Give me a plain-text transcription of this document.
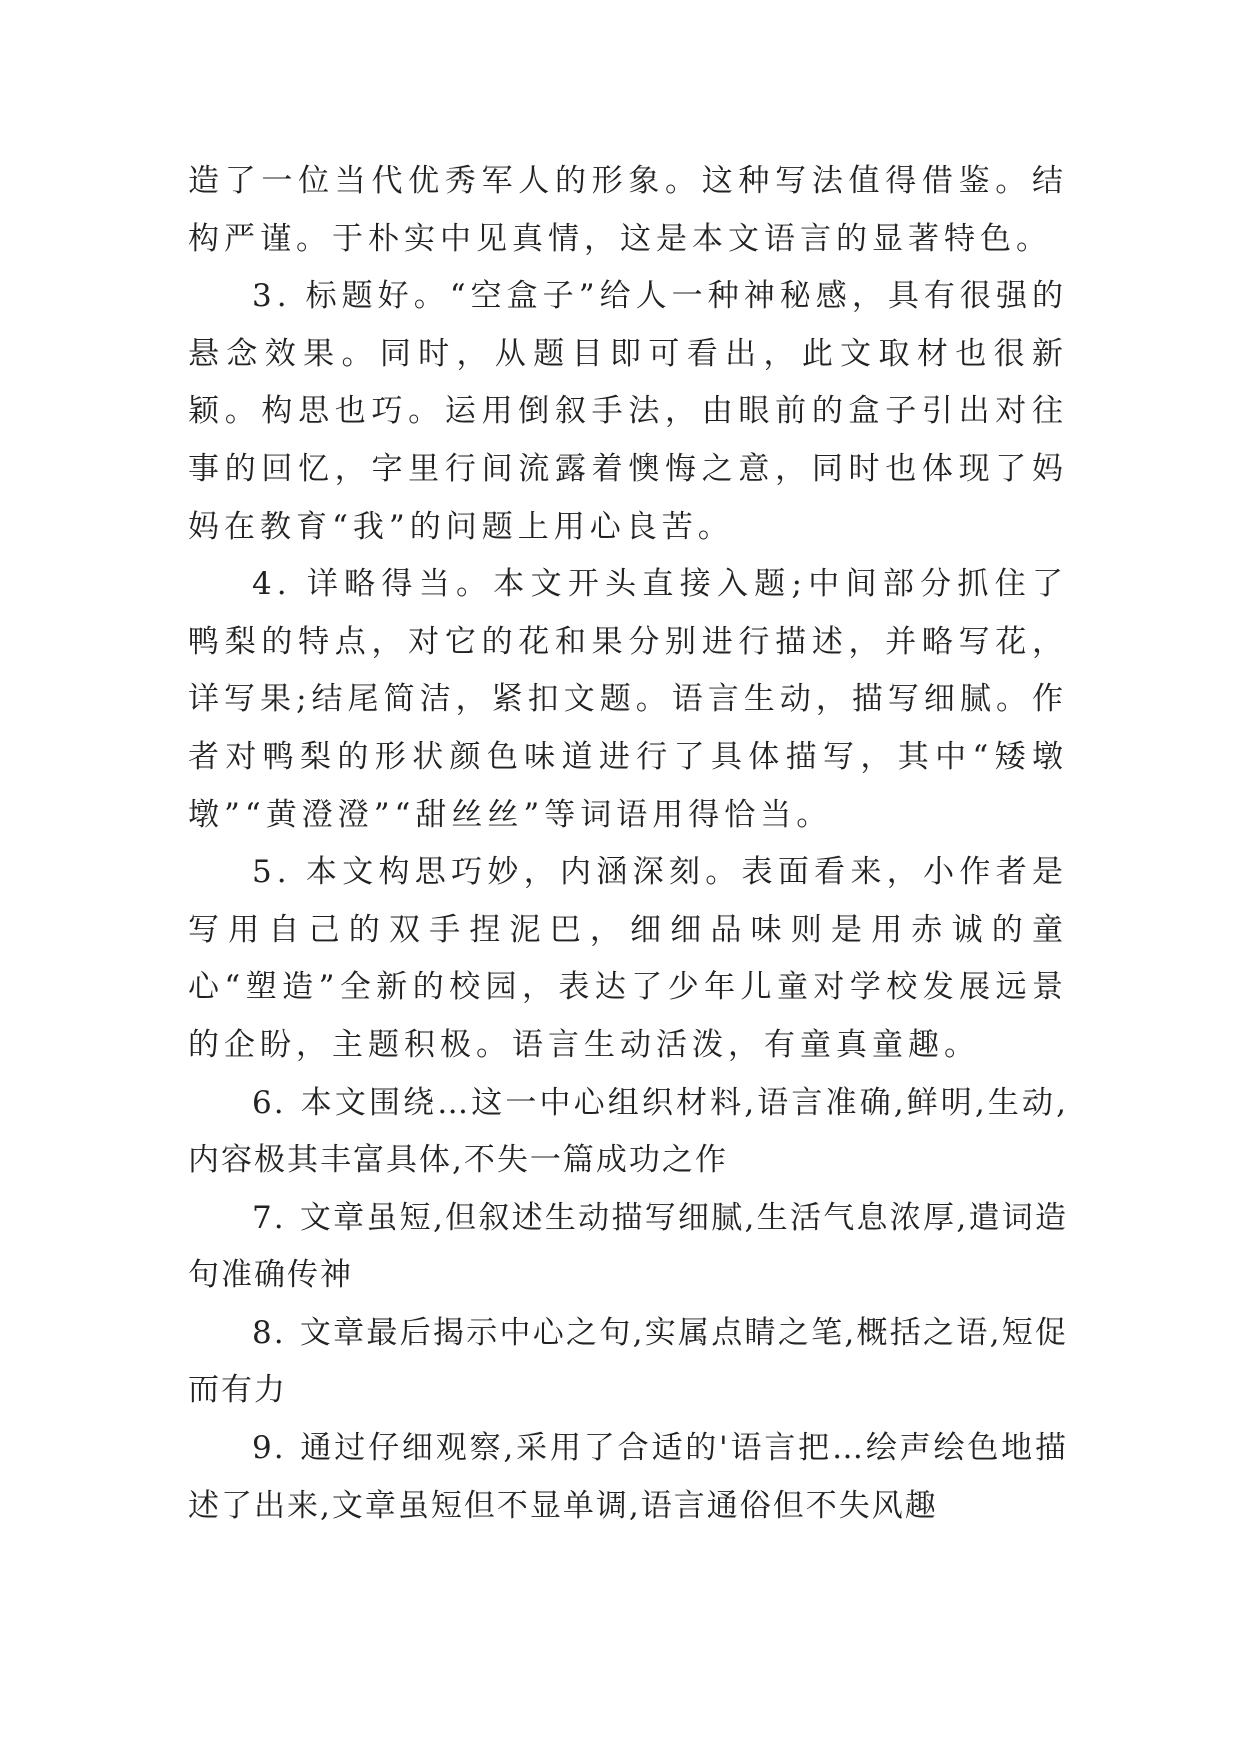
造了一位当代优秀军人的形象。这种写法值得借鉴。结构严谨。于朴实中见真情，这是本文语言的显著特色。

3. 标题好。“空盒子”给人一种神秘感，具有很强的悬念效果。同时，从题目即可看出，此文取材也很新颖。构思也巧。运用倒叙手法，由眼前的盒子引出对往事的回忆，字里行间流露着懊悔之意，同时也体现了妈妈在教育“我”的问题上用心良苦。

4. 详略得当。本文开头直接入题;中间部分抓住了鸭梨的特点，对它的花和果分别进行描述，并略写花，详写果;结尾简洁，紧扣文题。语言生动，描写细腻。作者对鸭梨的形状颜色味道进行了具体描写，其中“矮墩墩”“黄澄澄”“甜丝丝”等词语用得恰当。

5. 本文构思巧妙，内涵深刻。表面看来，小作者是写用自己的双手捏泥巴，细细品味则是用赤诚的童心“塑造”全新的校园，表达了少年儿童对学校发展远景的企盼，主题积极。语言生动活泼，有童真童趣。

6. 本文围绕…这一中心组织材料,语言准确,鲜明,生动,内容极其丰富具体,不失一篇成功之作

7. 文章虽短,但叙述生动描写细腻,生活气息浓厚,遣词造句准确传神

8. 文章最后揭示中心之句,实属点睛之笔,概括之语,短促而有力

9. 通过仔细观察,采用了合适的'语言把…绘声绘色地描述了出来,文章虽短但不显单调,语言通俗但不失风趣
